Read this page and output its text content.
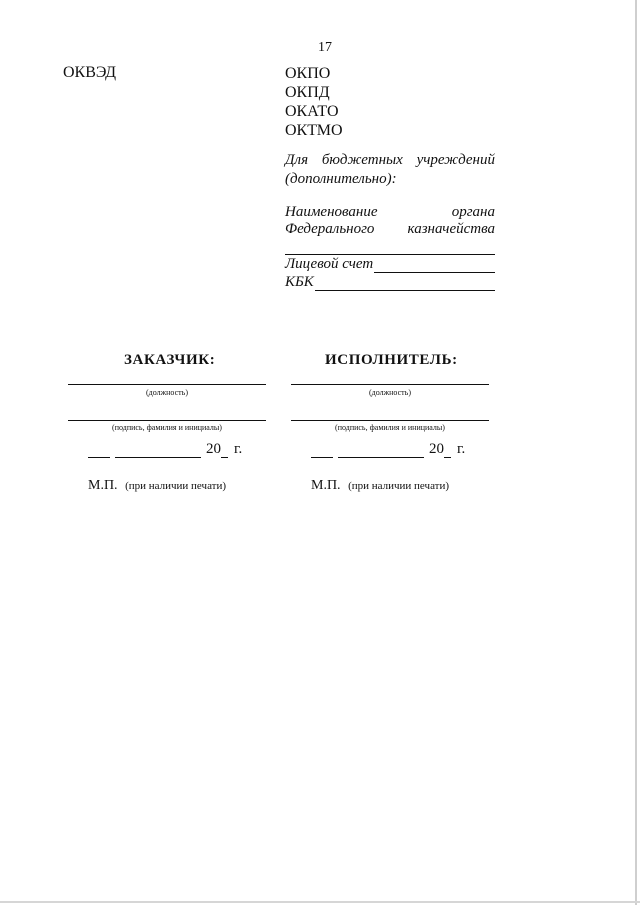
17
ОКВЭД	ОКПО
ОКПД
ОКАТО
ОКТМО
Для бюджетных учреждений
(дополнительно):
Наименование	органа
Федерального казначейства
Лицевой счет
КБК
ЗАКАЗЧИК:
(должность)
(подпись, фамилия и инициалы)
20 г.
М.П. (при наличии печати)
ИСПОЛНИТЕЛЬ:
(должность)
(подпись, фамилия и инициалы)
20 г.
М.П. (при наличии печати)
